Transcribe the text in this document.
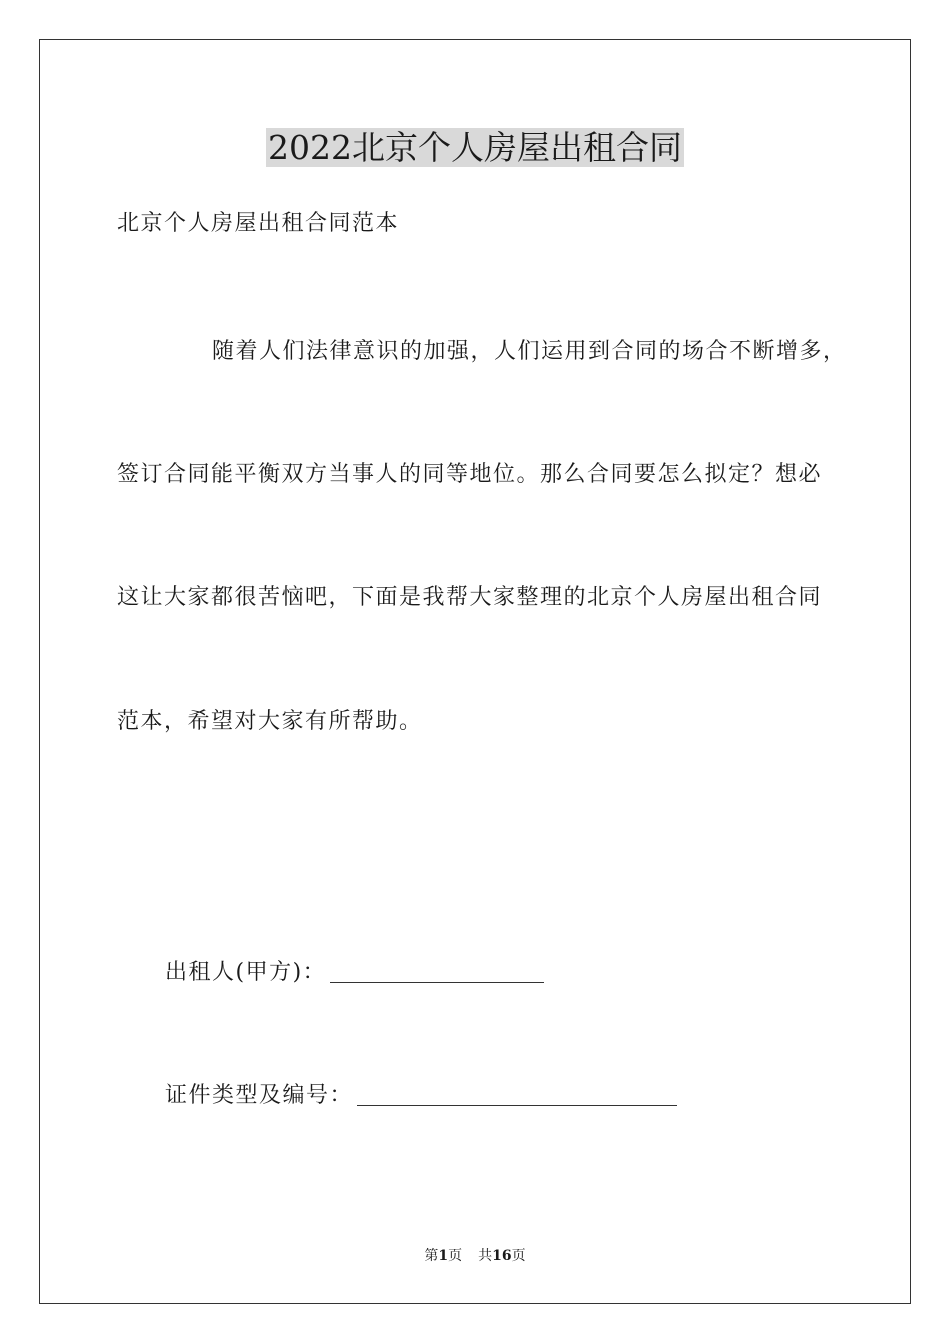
2022北京个人房屋出租合同
北京个人房屋出租合同范本
随着人们法律意识的加强，人们运用到合同的场合不断增多，
签订合同能平衡双方当事人的同等地位。那么合同要怎么拟定？想必
这让大家都很苦恼吧，下面是我帮大家整理的北京个人房屋出租合同
范本，希望对大家有所帮助。
出租人(甲方)：
证件类型及编号：
第1页 共16页
